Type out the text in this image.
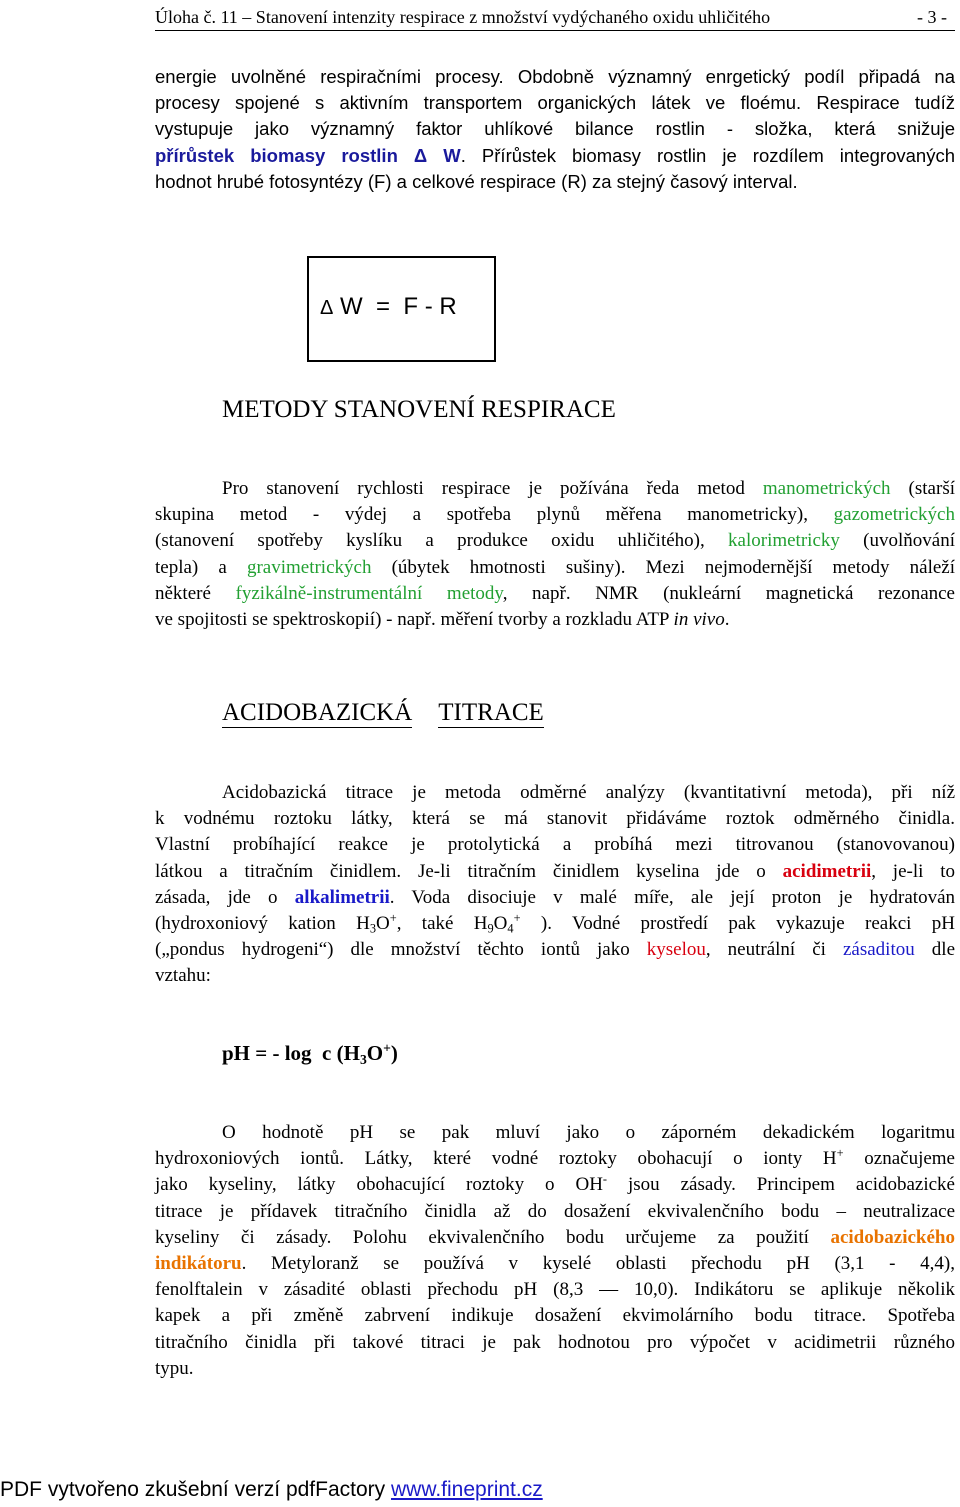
Úloha č. 11 – Stanovení intenzity respirace z množství vydýchaného oxidu uhličitého	- 3 -
energie uvolněné respiračními procesy. Obdobně významný enrgetický podíl připadá na
procesy spojené s aktivním transportem organických látek ve floému. Respirace tudíž
vystupuje jako významný faktor uhlíkové bilance rostlin - složka, která snižuje
přírůstek biomasy rostlin Δ W. Přírůstek biomasy rostlin je rozdílem integrovaných
hodnot hrubé fotosyntézy (F) a celkové respirace (R) za stejný časový interval.
Δ W  =  F - R
METODY STANOVENÍ RESPIRACE
Pro stanovení rychlosti respirace je požívána ředa metod manometrických (starší
skupina metod - výdej a spotřeba plynů měřena manometricky), gazometrických
(stanovení spotřeby kyslíku a produkce oxidu uhličitého), kalorimetricky (uvolňování
tepla) a gravimetrických (úbytek hmotnosti sušiny). Mezi nejmodernější metody náleží
některé fyzikálně-instrumentální metody, např. NMR (nukleární magnetická rezonance
ve spojitosti se spektroskopií) - např. měření tvorby a rozkladu ATP in vivo.
ACIDOBAZICKÁ TITRACE
Acidobazická titrace je metoda odměrné analýzy (kvantitativní metoda), při níž
k vodnému roztoku látky, která se má stanovit přidáváme roztok odměrného činidla.
Vlastní probíhající reakce je protolytická a probíhá mezi titrovanou (stanovovanou)
látkou a titračním činidlem. Je-li titračním činidlem kyselina jde o acidimetrii, je-li to
zásada, jde o alkalimetrii. Voda disociuje v malé míře, ale její proton je hydratován
(hydroxoniový kation $H_3O^+$, také $H_9O_4^+$ ). Vodné prostředí pak vykazuje reakci pH
(„pondus hydrogeni“) dle množství těchto iontů jako kyselou, neutrální či zásaditou dle
vztahu:
pH = - log  c $(H_3O^+)$
O hodnotě pH se pak mluví jako o záporném dekadickém logaritmu
hydroxoniových iontů. Látky, které vodné roztoky obohacují o ionty H+ označujeme
jako kyseliny, látky obohacující roztoky o OH- jsou zásady. Principem acidobazické
titrace je přídavek titračního činidla až do dosažení ekvivalenčního bodu – neutralizace
kyseliny či zásady. Polohu ekvivalenčního bodu určujeme za použití acidobazického
indikátoru. Metyloranž se používá v kyselé oblasti přechodu pH (3,1 - 4,4),
fenolftalein v zásadité oblasti přechodu pH (8,3 — 10,0). Indikátoru se aplikuje několik
kapek a při změně zabrvení indikuje dosažení ekvimolárního bodu titrace. Spotřeba
titračního činidla při takové titraci je pak hodnotou pro výpočet v acidimetrii různého
typu.
PDF vytvořeno zkušební verzí pdfFactory www.fineprint.cz
